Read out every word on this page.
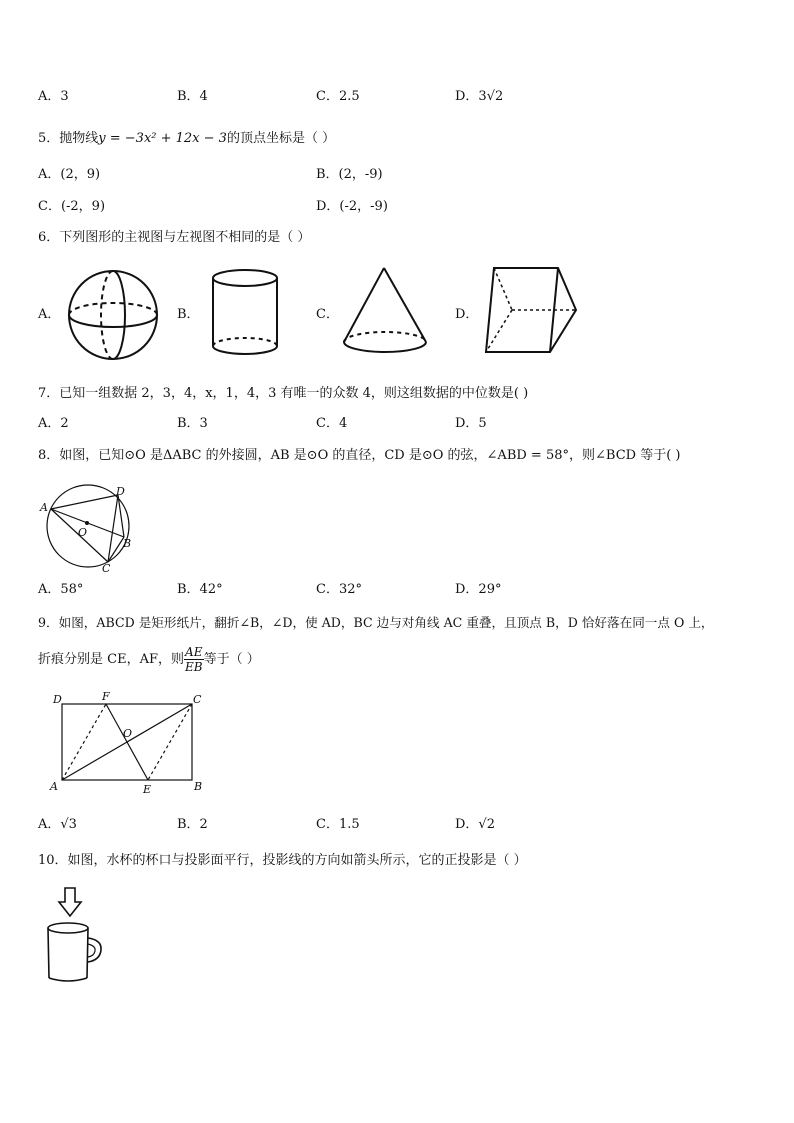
A．3	B．4	C．2.5	D．3√2
5．抛物线y = −3x² + 12x − 3的顶点坐标是（ ）
A．(2，9)	B．(2，-9)
C．(-2，9)	D．(-2，-9)
6．下列图形的主视图与左视图不相同的是（ ）
A．	B．	C．	D．
7．已知一组数据 2，3，4，x，1，4，3 有唯一的众数 4，则这组数据的中位数是( )
A．2	B．3	C．4	D．5
8．如图，已知⊙O 是ΔABC 的外接圆，AB 是⊙O 的直径，CD 是⊙O 的弦，∠ABD = 58°，则∠BCD 等于( )
A
D
O
B
C
A．58°	B．42°	C．32°	D．29°
9．如图，ABCD 是矩形纸片，翻折∠B，∠D，使 AD，BC 边与对角线 AC 重叠，且顶点 B，D 恰好落在同一点 O 上，
折痕分别是 CE，AF，则 $\frac{AE}{EB}$ 等于（ ）
D	F	C
O
A	E	B
A．√3	B．2	C．1.5	D．√2
10．如图，水杯的杯口与投影面平行，投影线的方向如箭头所示，它的正投影是（ ）
